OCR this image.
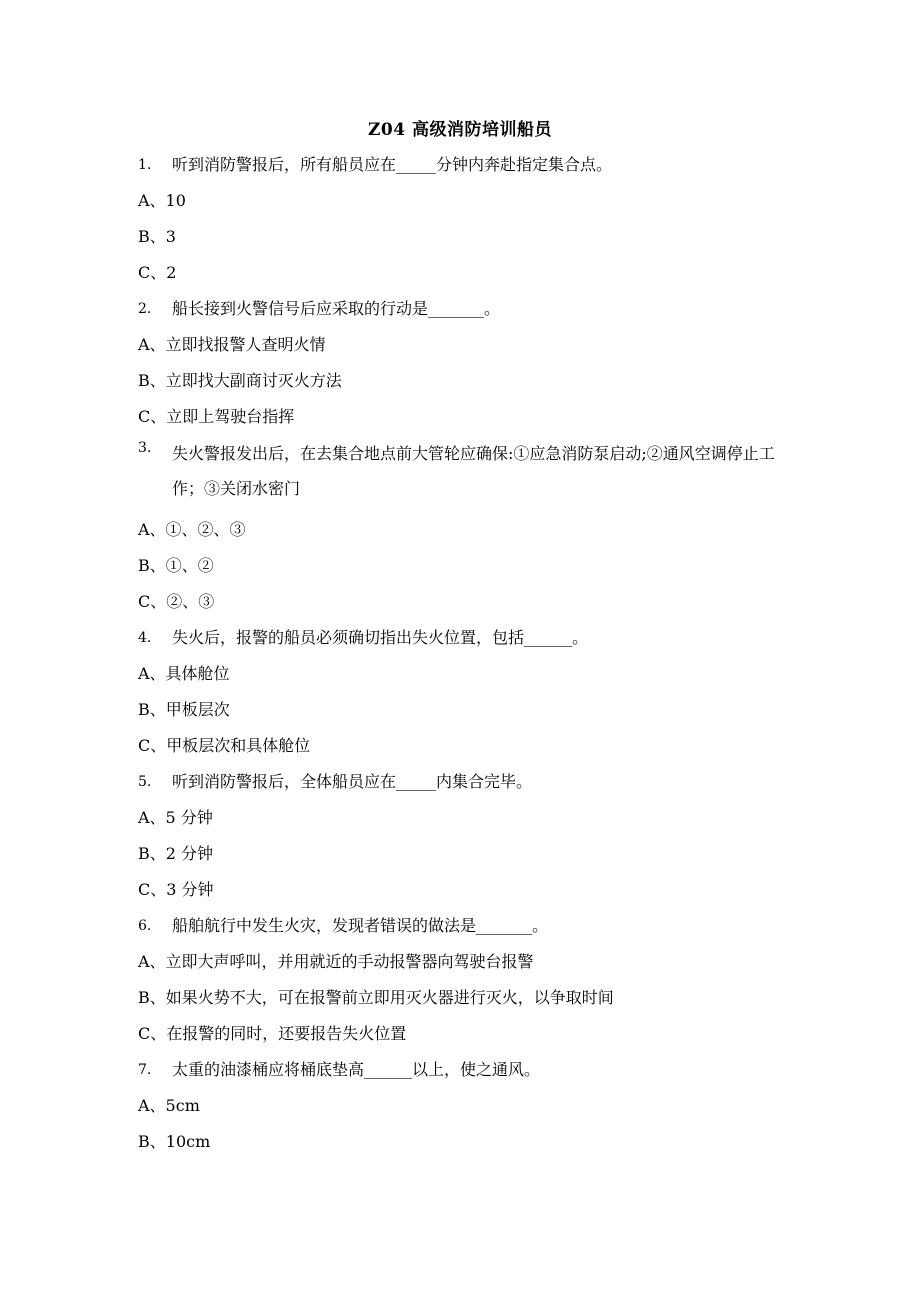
Z04 高级消防培训船员
1. 听到消防警报后，所有船员应在_____分钟内奔赴指定集合点。
A、10
B、3
C、2
2. 船长接到火警信号后应采取的行动是_______。
A、立即找报警人查明火情
B、立即找大副商讨灭火方法
C、立即上驾驶台指挥
3. 失火警报发出后，在去集合地点前大管轮应确保:①应急消防泵启动;②通风空调停止工作；③关闭水密门
A、①、②、③
B、①、②
C、②、③
4. 失火后，报警的船员必须确切指出失火位置，包括______。
A、具体舱位
B、甲板层次
C、甲板层次和具体舱位
5. 听到消防警报后，全体船员应在_____内集合完毕。
A、5 分钟
B、2 分钟
C、3 分钟
6. 船舶航行中发生火灾，发现者错误的做法是_______。
A、立即大声呼叫，并用就近的手动报警器向驾驶台报警
B、如果火势不大，可在报警前立即用灭火器进行灭火，以争取时间
C、在报警的同时，还要报告失火位置
7. 太重的油漆桶应将桶底垫高______以上，使之通风。
A、5cm
B、10cm
